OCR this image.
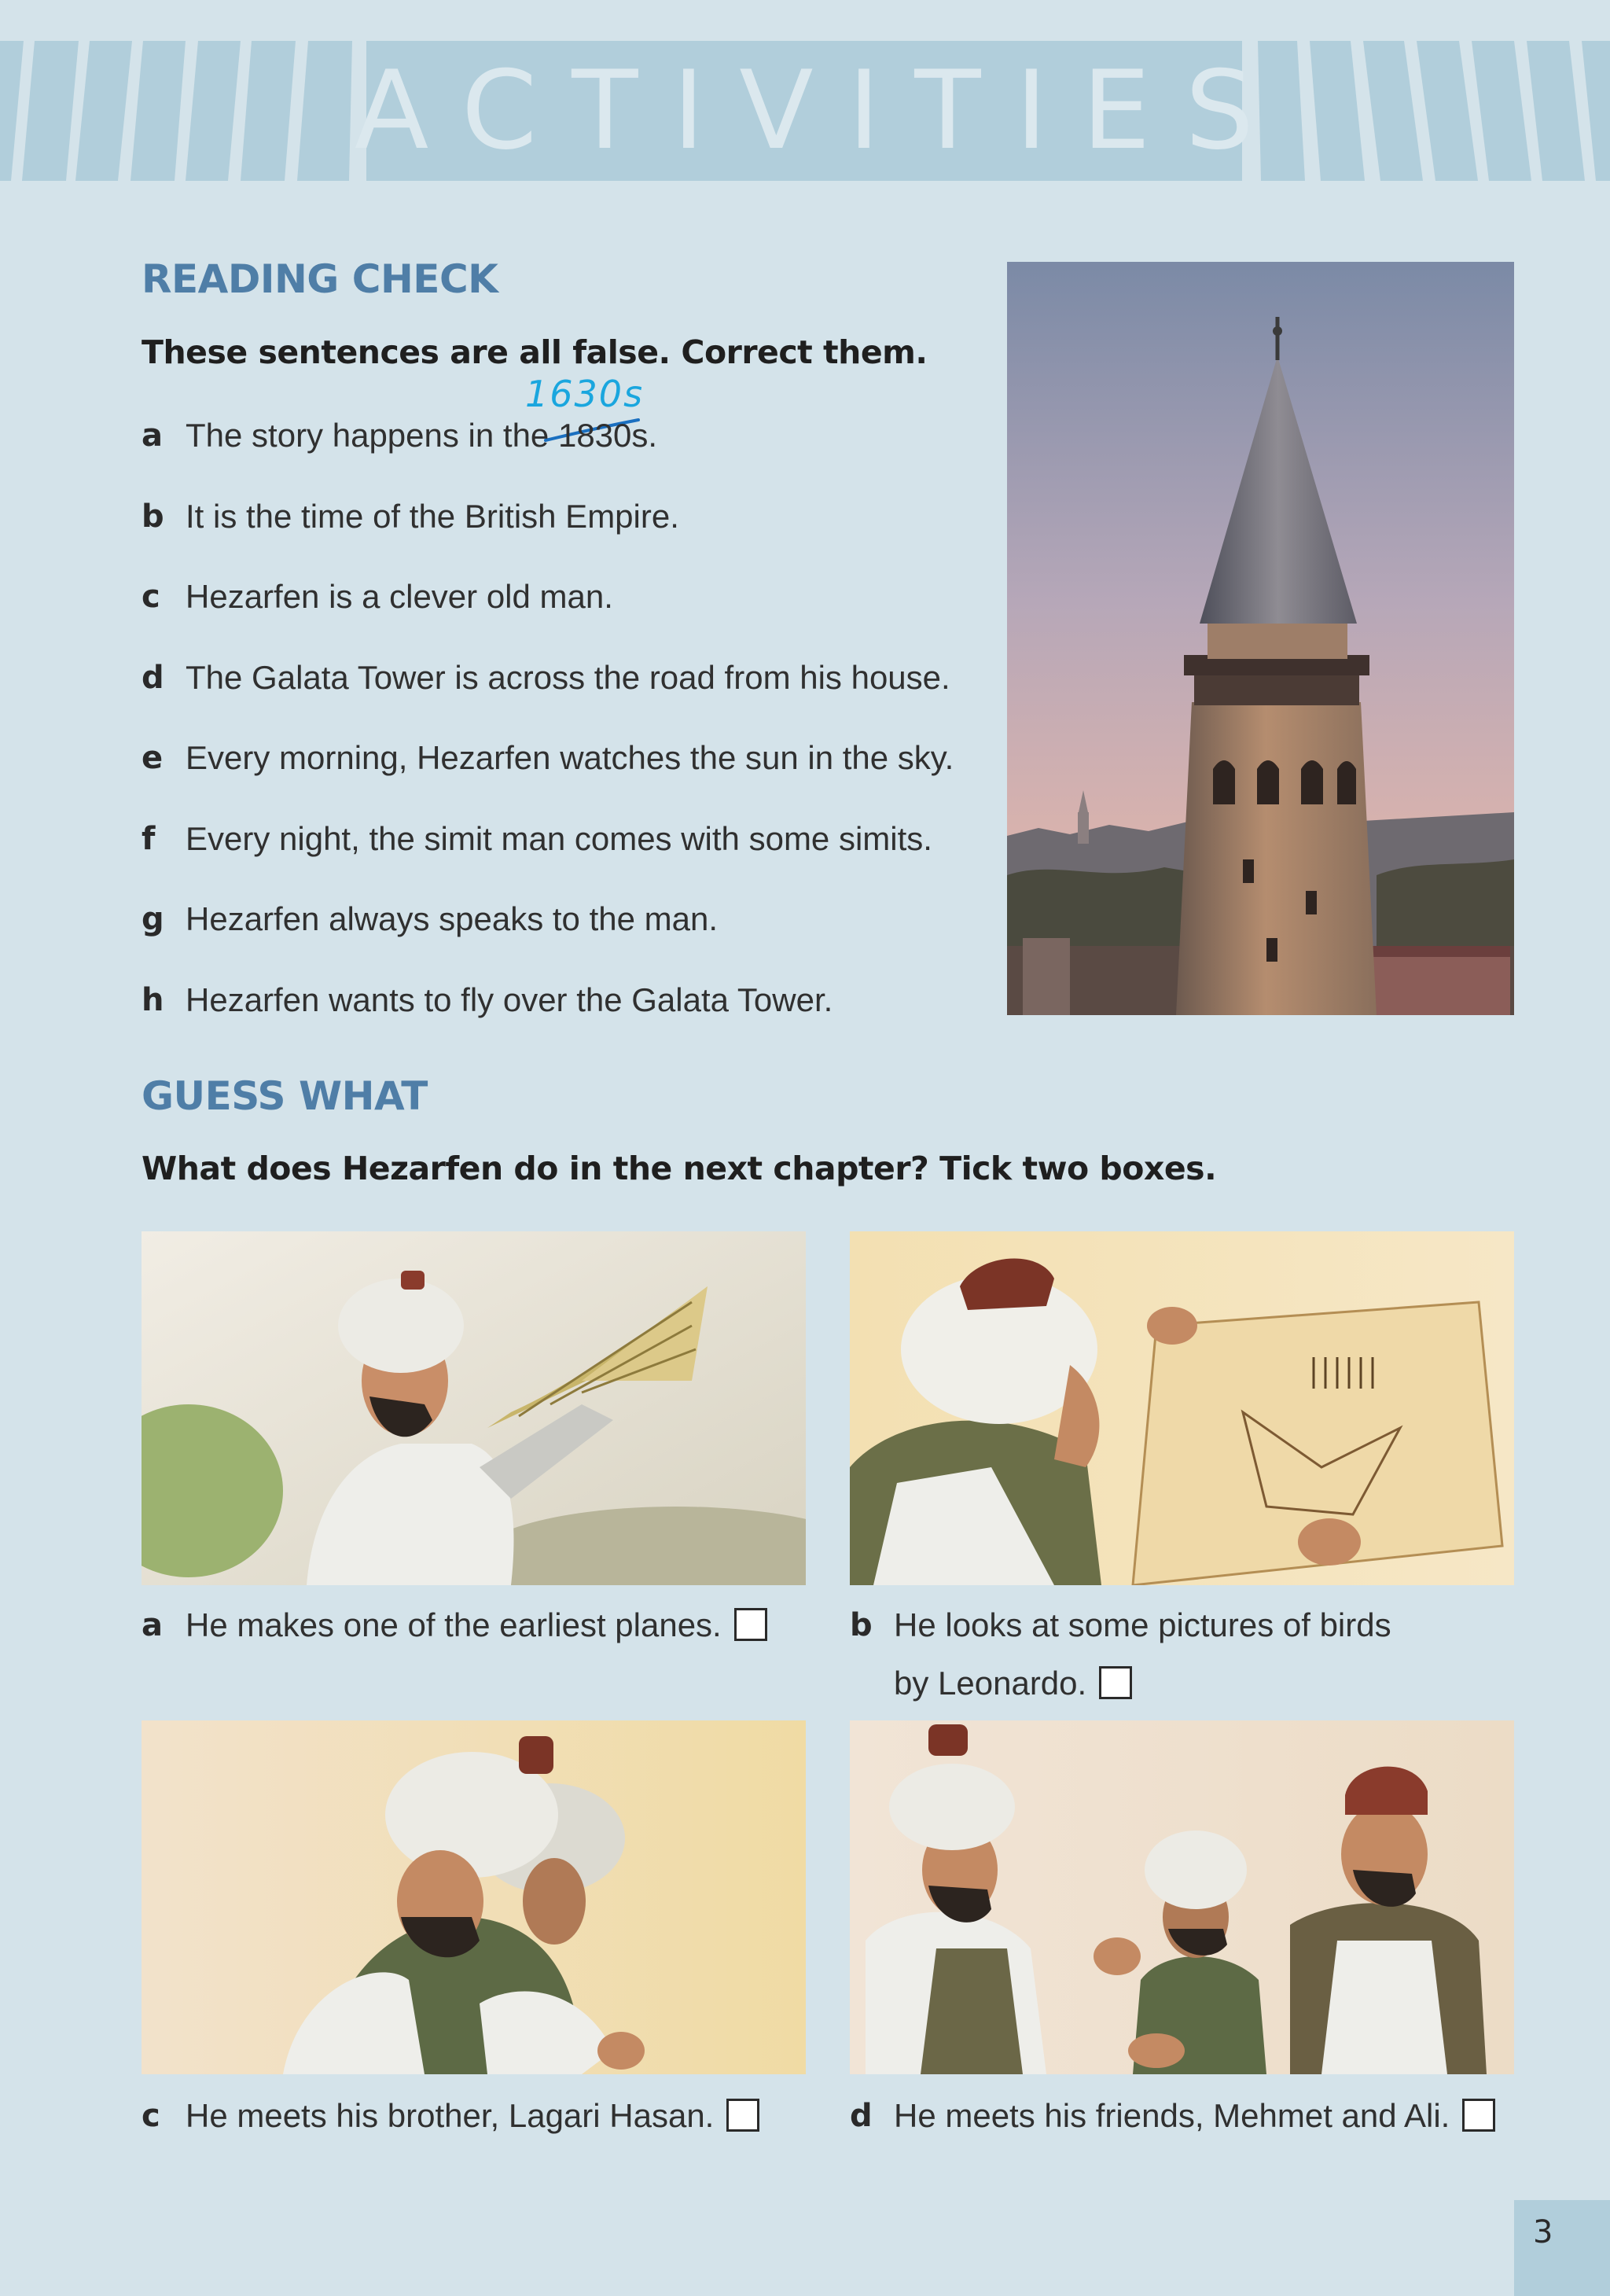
ACTIVITIES
READING CHECK
These sentences are all false. Correct them.
1630s
a The story happens in the 1830s .
b It is the time of the British Empire.
c Hezarfen is a clever old man.
d The Galata Tower is across the road from his house.
e Every morning, Hezarfen watches the sun in the sky.
f Every night, the simit man comes with some simits.
g Hezarfen always speaks to the man.
h Hezarfen wants to fly over the Galata Tower.
GUESS WHAT
What does Hezarfen do in the next chapter? Tick two boxes.
a He makes one of the earliest planes.	b He looks at some pictures of birds
by Leonardo.
c He meets his brother, Lagari Hasan.	d He meets his friends, Mehmet and Ali.
3
